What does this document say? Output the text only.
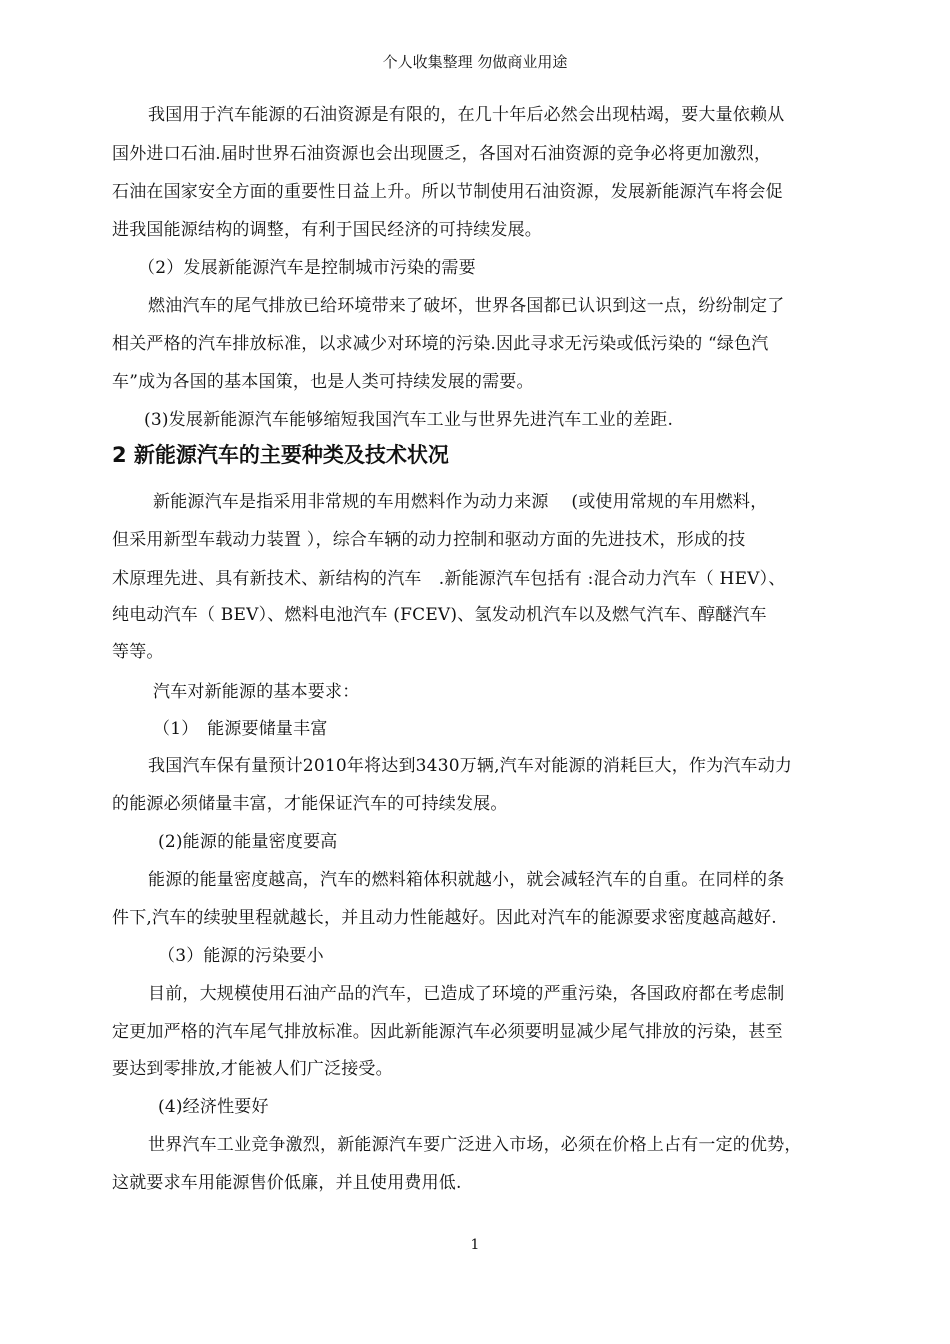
个人收集整理 勿做商业用途
我国用于汽车能源的石油资源是有限的，在几十年后必然会出现枯竭，要大量依赖从
国外进口石油.届时世界石油资源也会出现匮乏，各国对石油资源的竞争必将更加激烈，
石油在国家安全方面的重要性日益上升。所以节制使用石油资源，发展新能源汽车将会促
进我国能源结构的调整，有利于国民经济的可持续发展。
（2）发展新能源汽车是控制城市污染的需要
燃油汽车的尾气排放已给环境带来了破坏，世界各国都已认识到这一点，纷纷制定了
相关严格的汽车排放标准，以求减少对环境的污染.因此寻求无污染或低污染的 “绿色汽
车”成为各国的基本国策，也是人类可持续发展的需要。
(3)发展新能源汽车能够缩短我国汽车工业与世界先进汽车工业的差距.
2 新能源汽车的主要种类及技术状况
新能源汽车是指采用非常规的车用燃料作为动力来源　 (或使用常规的车用燃料，
但采用新型车载动力装置 ），综合车辆的动力控制和驱动方面的先进技术，形成的技
术原理先进、具有新技术、新结构的汽车　.新能源汽车包括有 :混合动力汽车（ HEV）、
纯电动汽车（ BEV）、燃料电池汽车 (FCEV)、氢发动机汽车以及燃气汽车、醇醚汽车
等等。
汽车对新能源的基本要求：
（1）　能源要储量丰富
我国汽车保有量预计2010年将达到3430万辆,汽车对能源的消耗巨大，作为汽车动力
的能源必须储量丰富，才能保证汽车的可持续发展。
(2)能源的能量密度要高
能源的能量密度越高，汽车的燃料箱体积就越小，就会减轻汽车的自重。在同样的条
件下,汽车的续驶里程就越长，并且动力性能越好。因此对汽车的能源要求密度越高越好.
（3）能源的污染要小
目前，大规模使用石油产品的汽车，已造成了环境的严重污染，各国政府都在考虑制
定更加严格的汽车尾气排放标准。因此新能源汽车必须要明显减少尾气排放的污染，甚至
要达到零排放,才能被人们广泛接受。
(4)经济性要好
世界汽车工业竞争激烈，新能源汽车要广泛进入市场，必须在价格上占有一定的优势，
这就要求车用能源售价低廉，并且使用费用低.
1
